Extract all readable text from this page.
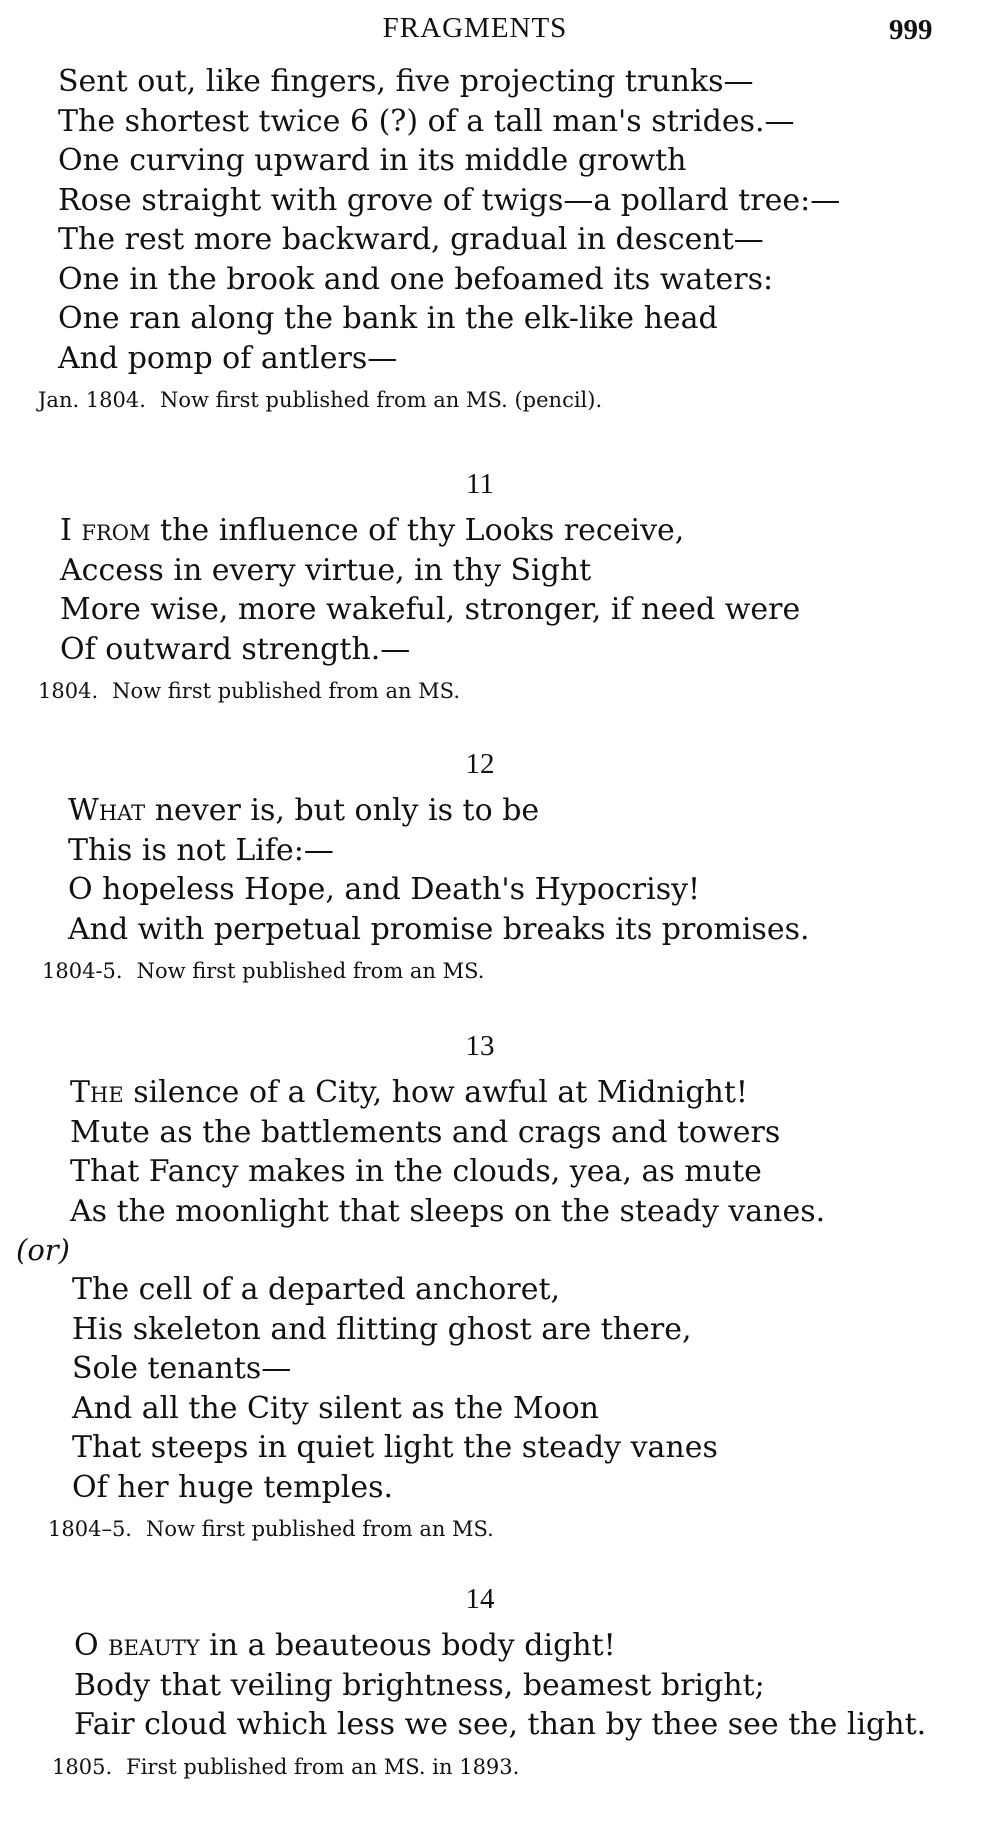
FRAGMENTS	999
Sent out, like fingers, five projecting trunks—
The shortest twice 6 (?) of a tall man's strides.—
One curving upward in its middle growth
Rose straight with grove of twigs—a pollard tree:—
The rest more backward, gradual in descent—
One in the brook and one befoamed its waters:
One ran along the bank in the elk-like head
And pomp of antlers—
Jan. 1804. Now first published from an MS. (pencil).
11
I from the influence of thy Looks receive,
Access in every virtue, in thy Sight
More wise, more wakeful, stronger, if need were
Of outward strength.—
1804. Now first published from an MS.
12
What never is, but only is to be
This is not Life:—
O hopeless Hope, and Death's Hypocrisy!
And with perpetual promise breaks its promises.
1804-5. Now first published from an MS.
13
The silence of a City, how awful at Midnight!
Mute as the battlements and crags and towers
That Fancy makes in the clouds, yea, as mute
As the moonlight that sleeps on the steady vanes.
(or)
The cell of a departed anchoret,
His skeleton and flitting ghost are there,
Sole tenants—
And all the City silent as the Moon
That steeps in quiet light the steady vanes
Of her huge temples.
1804–5. Now first published from an MS.
14
O beauty in a beauteous body dight!
Body that veiling brightness, beamest bright;
Fair cloud which less we see, than by thee see the light.
1805. First published from an MS. in 1893.
